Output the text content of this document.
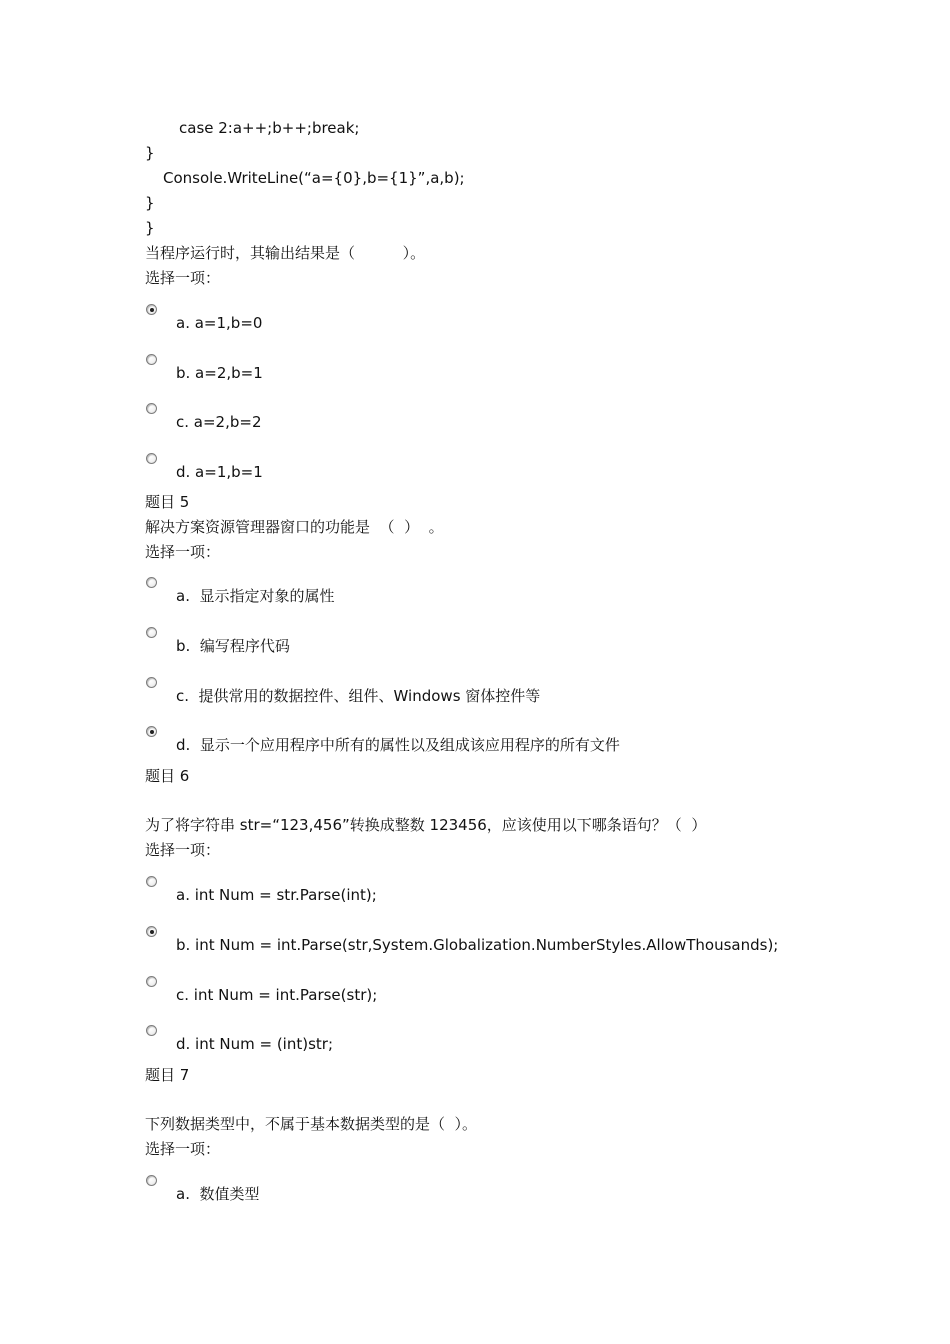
case 2:a++;b++;break;
}
Console.WriteLine(“a={0},b={1}”,a,b);
}
}
当程序运行时，其输出结果是（          ）。
选择一项：
a. a=1,b=0
b. a=2,b=1
c. a=2,b=2
d. a=1,b=1
题目 5
解决方案资源管理器窗口的功能是  （  ）  。
选择一项：
a.  显示指定对象的属性
b.  编写程序代码
c.  提供常用的数据控件、组件、Windows 窗体控件等
d.  显示一个应用程序中所有的属性以及组成该应用程序的所有文件
题目 6
为了将字符串 str=“123,456”转换成整数 123456，应该使用以下哪条语句？（  ）
选择一项：
a. int Num = str.Parse(int);
b. int Num = int.Parse(str,System.Globalization.NumberStyles.AllowThousands);
c. int Num = int.Parse(str);
d. int Num = (int)str;
题目 7
下列数据类型中，不属于基本数据类型的是（  ）。
选择一项：
a.  数值类型
